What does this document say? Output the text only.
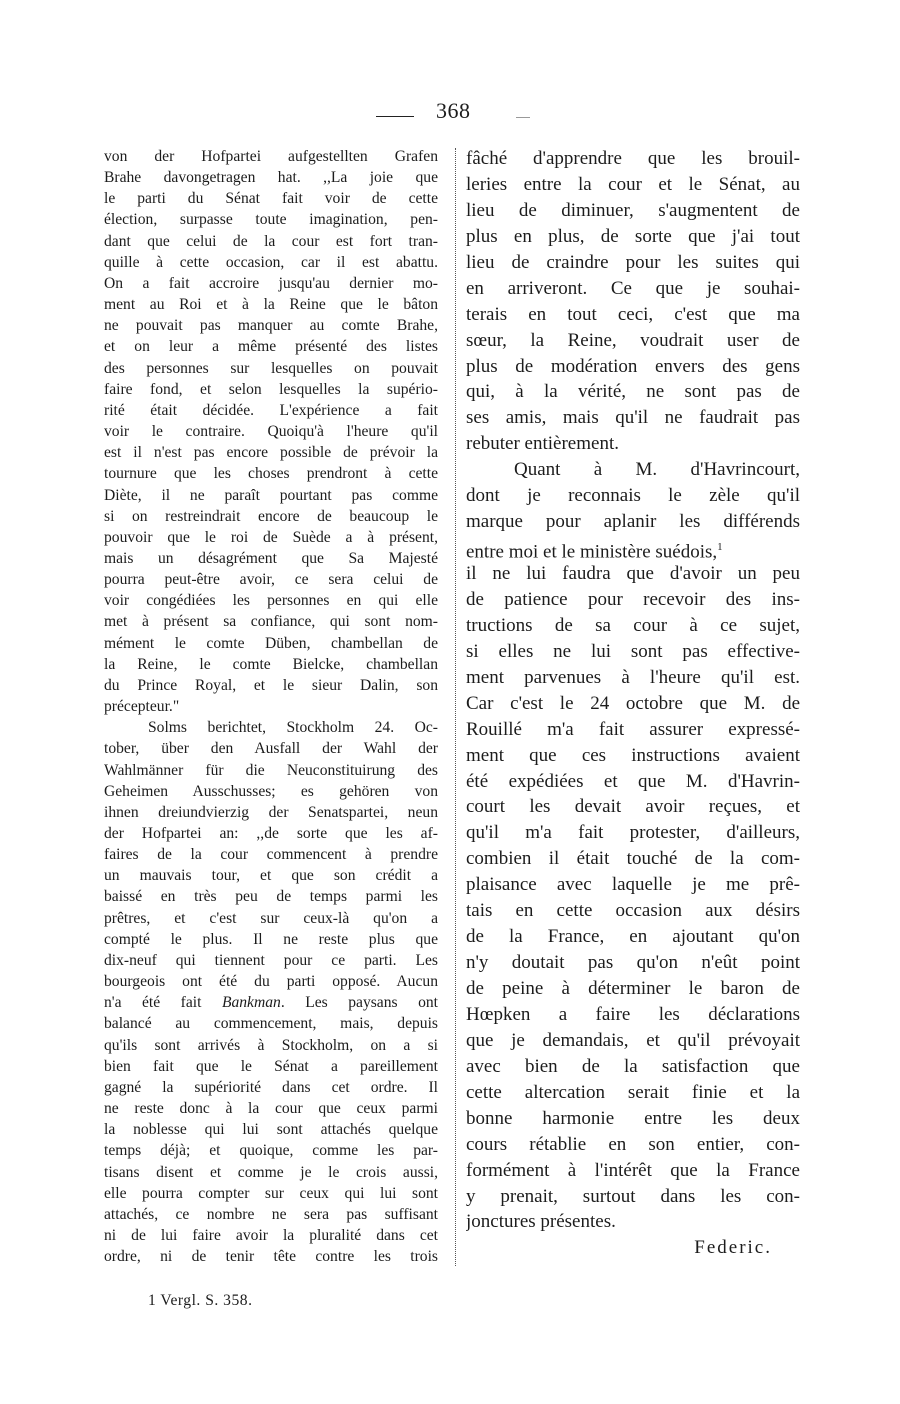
368
von der Hofpartei aufgestellten Grafen
Brahe davongetragen hat. ,,La joie que
le parti du Sénat fait voir de cette
élection, surpasse toute imagination, pen-
dant que celui de la cour est fort tran-
quille à cette occasion, car il est abattu.
On a fait accroire jusqu'au dernier mo-
ment au Roi et à la Reine que le bâton
ne pouvait pas manquer au comte Brahe,
et on leur a même présenté des listes
des personnes sur lesquelles on pouvait
faire fond, et selon lesquelles la supério-
rité était décidée. L'expérience a fait
voir le contraire. Quoiqu'à l'heure qu'il
est il n'est pas encore possible de prévoir la
tournure que les choses prendront à cette
Diète, il ne paraît pourtant pas comme
si on restreindrait encore de beaucoup le
pouvoir que le roi de Suède a à présent,
mais un désagrément que Sa Majesté
pourra peut-être avoir, ce sera celui de
voir congédiées les personnes en qui elle
met à présent sa confiance, qui sont nom-
mément le comte Düben, chambellan de
la Reine, le comte Bielcke, chambellan
du Prince Royal, et le sieur Dalin, son
précepteur."
Solms berichtet, Stockholm 24. Oc-
tober, über den Ausfall der Wahl der
Wahlmänner für die Neuconstituirung des
Geheimen Ausschusses; es gehören von
ihnen dreiundvierzig der Senatspartei, neun
der Hofpartei an: ,,de sorte que les af-
faires de la cour commencent à prendre
un mauvais tour, et que son crédit a
baissé en très peu de temps parmi les
prêtres, et c'est sur ceux-là qu'on a
compté le plus. Il ne reste plus que
dix-neuf qui tiennent pour ce parti. Les
bourgeois ont été du parti opposé. Aucun
n'a été fait Bankman. Les paysans ont
balancé au commencement, mais, depuis
qu'ils sont arrivés à Stockholm, on a si
bien fait que le Sénat a pareillement
gagné la supériorité dans cet ordre. Il
ne reste donc à la cour que ceux parmi
la noblesse qui lui sont attachés quelque
temps déjà; et quoique, comme les par-
tisans disent et comme je le crois aussi,
elle pourra compter sur ceux qui lui sont
attachés, ce nombre ne sera pas suffisant
ni de lui faire avoir la pluralité dans cet
ordre, ni de tenir tête contre les trois
fâché d'apprendre que les brouil-
leries entre la cour et le Sénat, au
lieu de diminuer, s'augmentent de
plus en plus, de sorte que j'ai tout
lieu de craindre pour les suites qui
en arriveront. Ce que je souhai-
terais en tout ceci, c'est que ma
sœur, la Reine, voudrait user de
plus de modération envers des gens
qui, à la vérité, ne sont pas de
ses amis, mais qu'il ne faudrait pas
rebuter entièrement.
Quant à M. d'Havrincourt,
dont je reconnais le zèle qu'il
marque pour aplanir les différends
entre moi et le ministère suédois,$^1$
il ne lui faudra que d'avoir un peu
de patience pour recevoir des ins-
tructions de sa cour à ce sujet,
si elles ne lui sont pas effective-
ment parvenues à l'heure qu'il est.
Car c'est le 24 octobre que M. de
Rouillé m'a fait assurer expressé-
ment que ces instructions avaient
été expédiées et que M. d'Havrin-
court les devait avoir reçues, et
qu'il m'a fait protester, d'ailleurs,
combien il était touché de la com-
plaisance avec laquelle je me prê-
tais en cette occasion aux désirs
de la France, en ajoutant qu'on
n'y doutait pas qu'on n'eût point
de peine à déterminer le baron de
Hœpken a faire les déclarations
que je demandais, et qu'il prévoyait
avec bien de la satisfaction que
cette altercation serait finie et la
bonne harmonie entre les deux
cours rétablie en son entier, con-
formément à l'intérêt que la France
y prenait, surtout dans les con-
jonctures présentes.
Federic.
1 Vergl. S. 358.
